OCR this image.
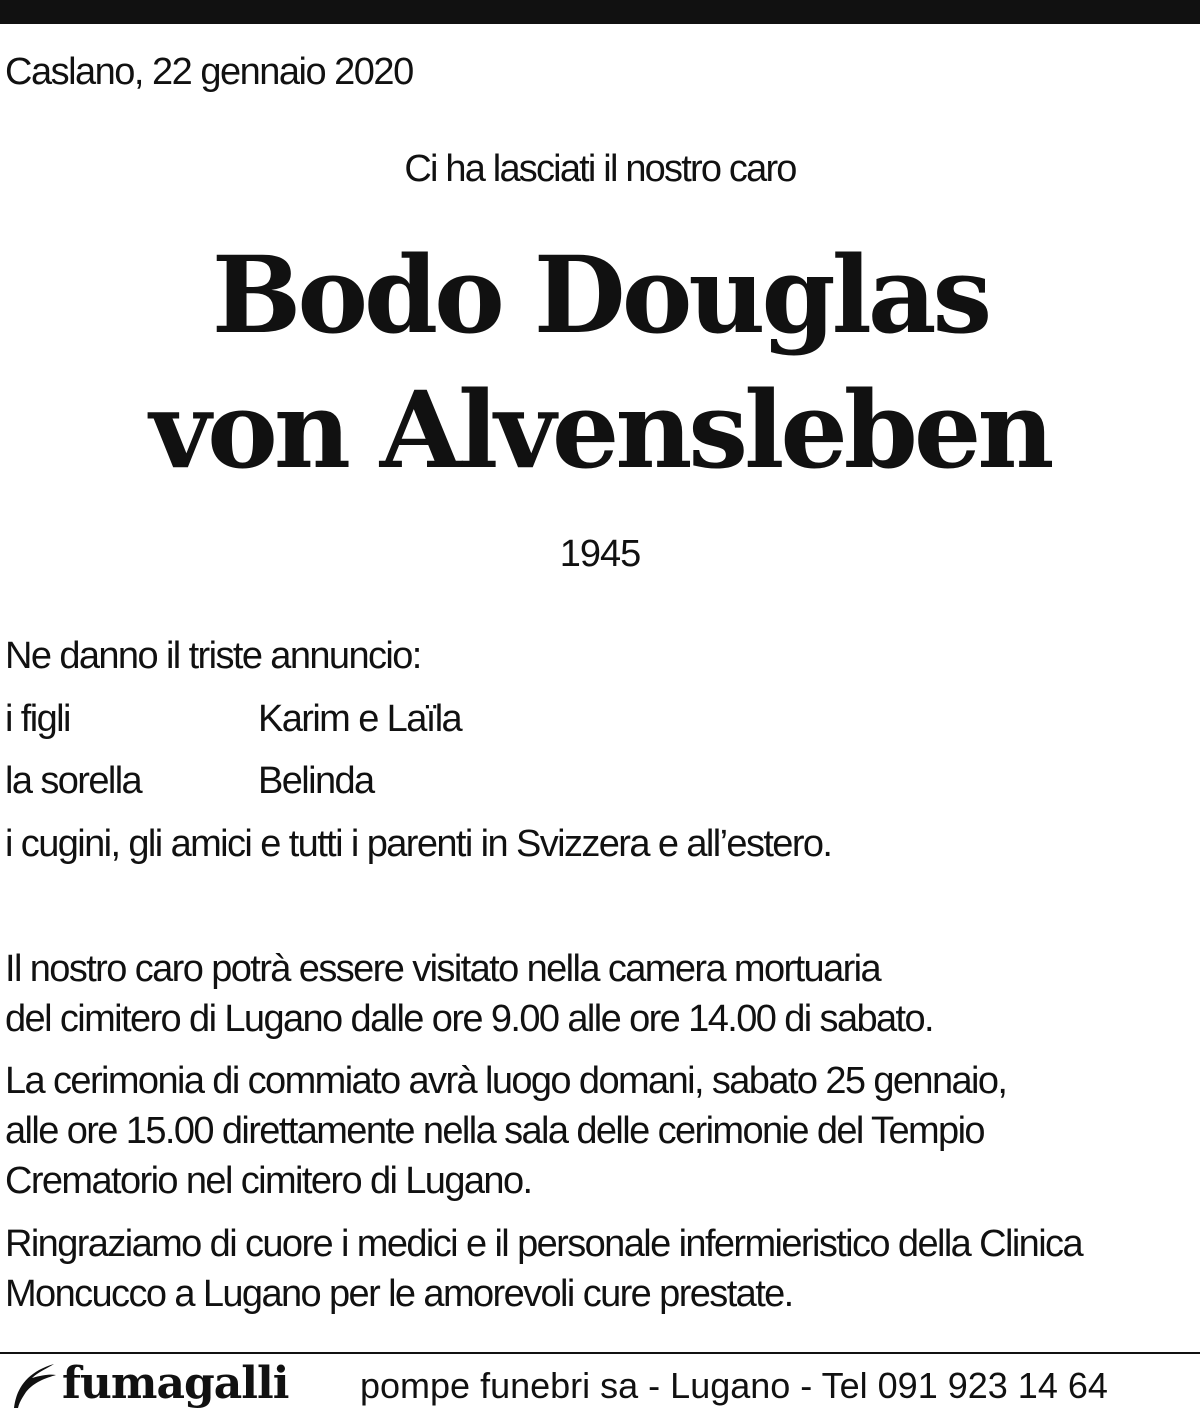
Caslano, 22 gennaio 2020
Ci ha lasciati il nostro caro
Bodo Douglas
von Alvensleben
1945
Ne danno il triste annuncio:
i figli	Karim e Laïla
la sorella	Belinda
i cugini, gli amici e tutti i parenti in Svizzera e all’estero.
Il nostro caro potrà essere visitato nella camera mortuaria
del cimitero di Lugano dalle ore 9.00 alle ore 14.00 di sabato.
La cerimonia di commiato avrà luogo domani, sabato 25 gennaio,
alle ore 15.00 direttamente nella sala delle cerimonie del Tempio
Crematorio nel cimitero di Lugano.
Ringraziamo di cuore i medici e il personale infermieristico della Clinica
Moncucco a Lugano per le amorevoli cure prestate.
fumagalli pompe funebri sa - Lugano - Tel 091 923 14 64
